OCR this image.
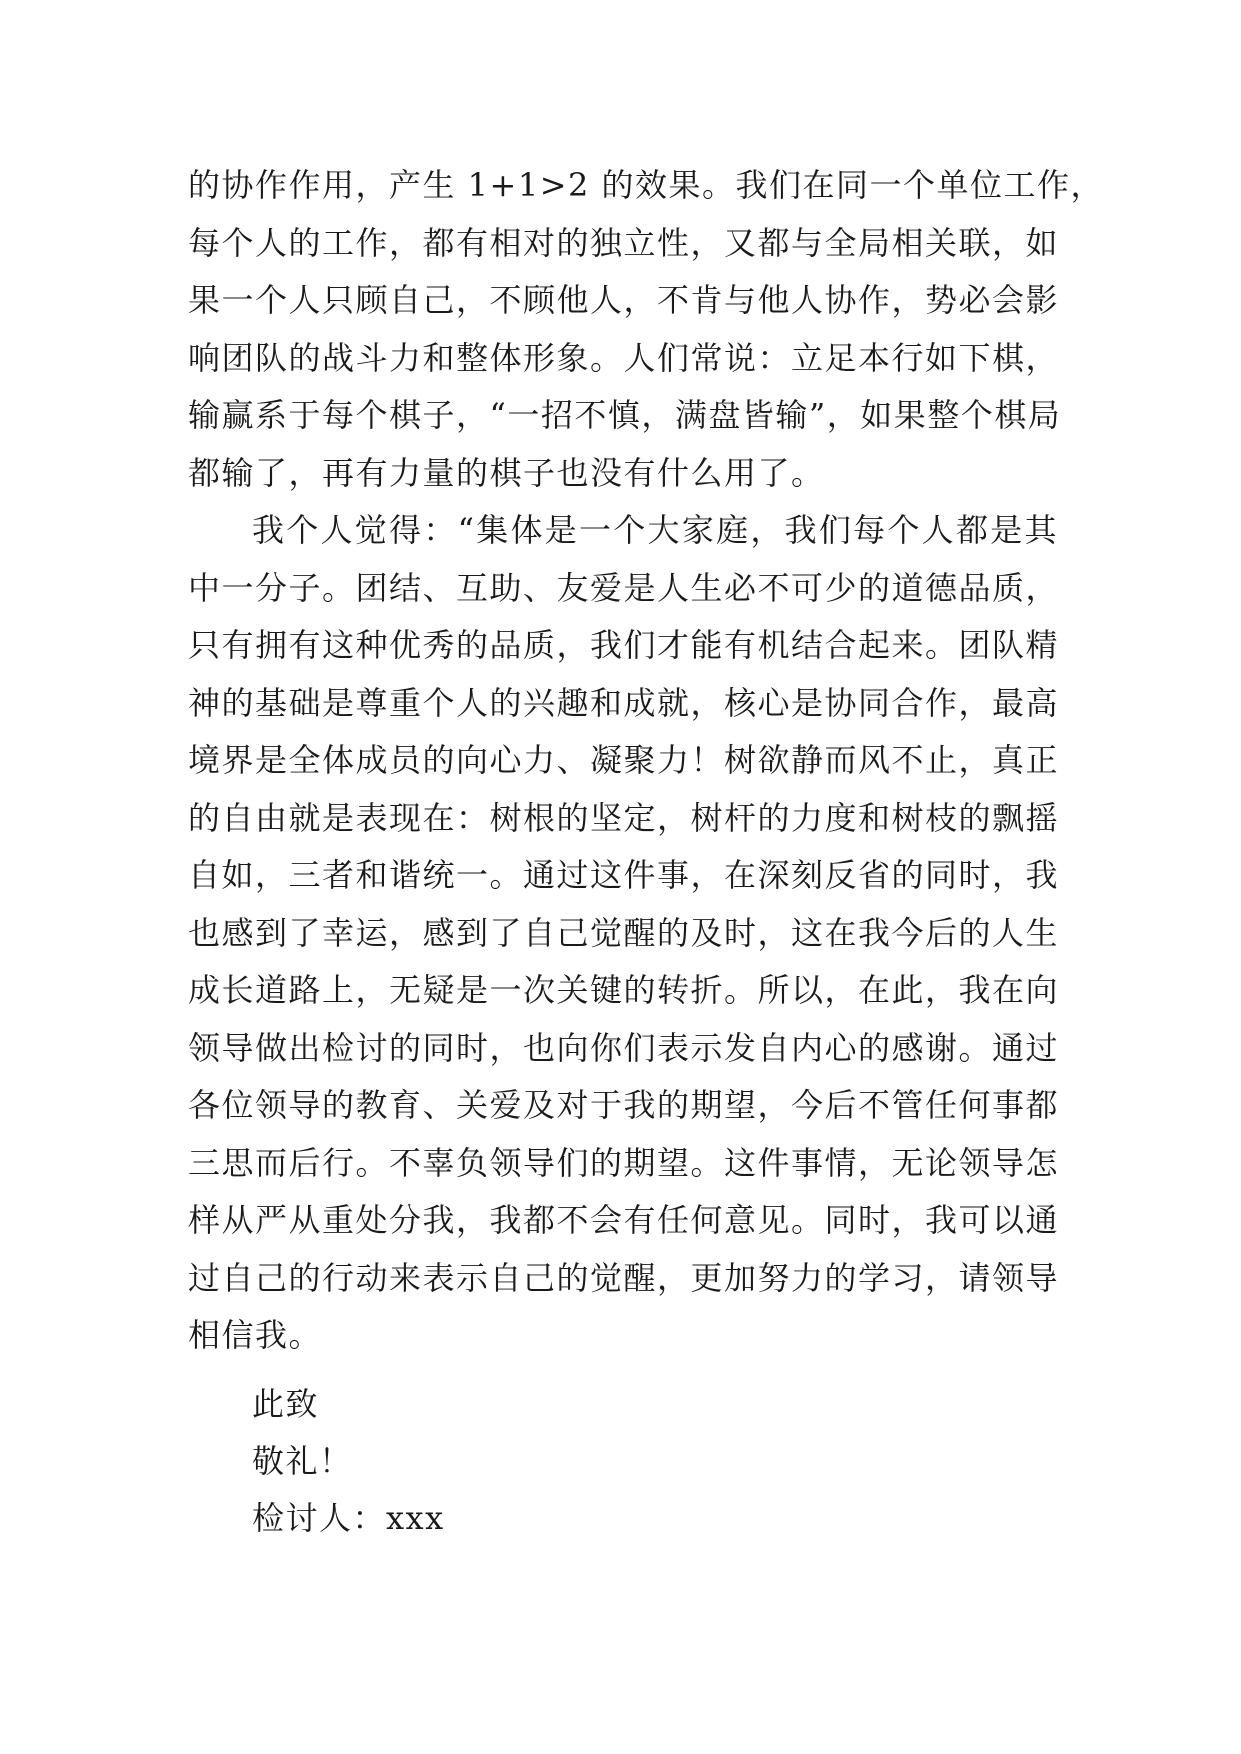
的协作作用，产生 1+1>2 的效果。我们在同一个单位工作，
每个人的工作，都有相对的独立性，又都与全局相关联，如
果一个人只顾自己，不顾他人，不肯与他人协作，势必会影
响团队的战斗力和整体形象。人们常说：立足本行如下棋，
输赢系于每个棋子，“一招不慎，满盘皆输”，如果整个棋局
都输了，再有力量的棋子也没有什么用了。
我个人觉得：“集体是一个大家庭，我们每个人都是其
中一分子。团结、互助、友爱是人生必不可少的道德品质，
只有拥有这种优秀的品质，我们才能有机结合起来。团队精
神的基础是尊重个人的兴趣和成就，核心是协同合作，最高
境界是全体成员的向心力、凝聚力！树欲静而风不止，真正
的自由就是表现在：树根的坚定，树杆的力度和树枝的飘摇
自如，三者和谐统一。通过这件事，在深刻反省的同时，我
也感到了幸运，感到了自己觉醒的及时，这在我今后的人生
成长道路上，无疑是一次关键的转折。所以，在此，我在向
领导做出检讨的同时，也向你们表示发自内心的感谢。通过
各位领导的教育、关爱及对于我的期望，今后不管任何事都
三思而后行。不辜负领导们的期望。这件事情，无论领导怎
样从严从重处分我，我都不会有任何意见。同时，我可以通
过自己的行动来表示自己的觉醒，更加努力的学习，请领导
相信我。
此致
敬礼！
检讨人：xxx
